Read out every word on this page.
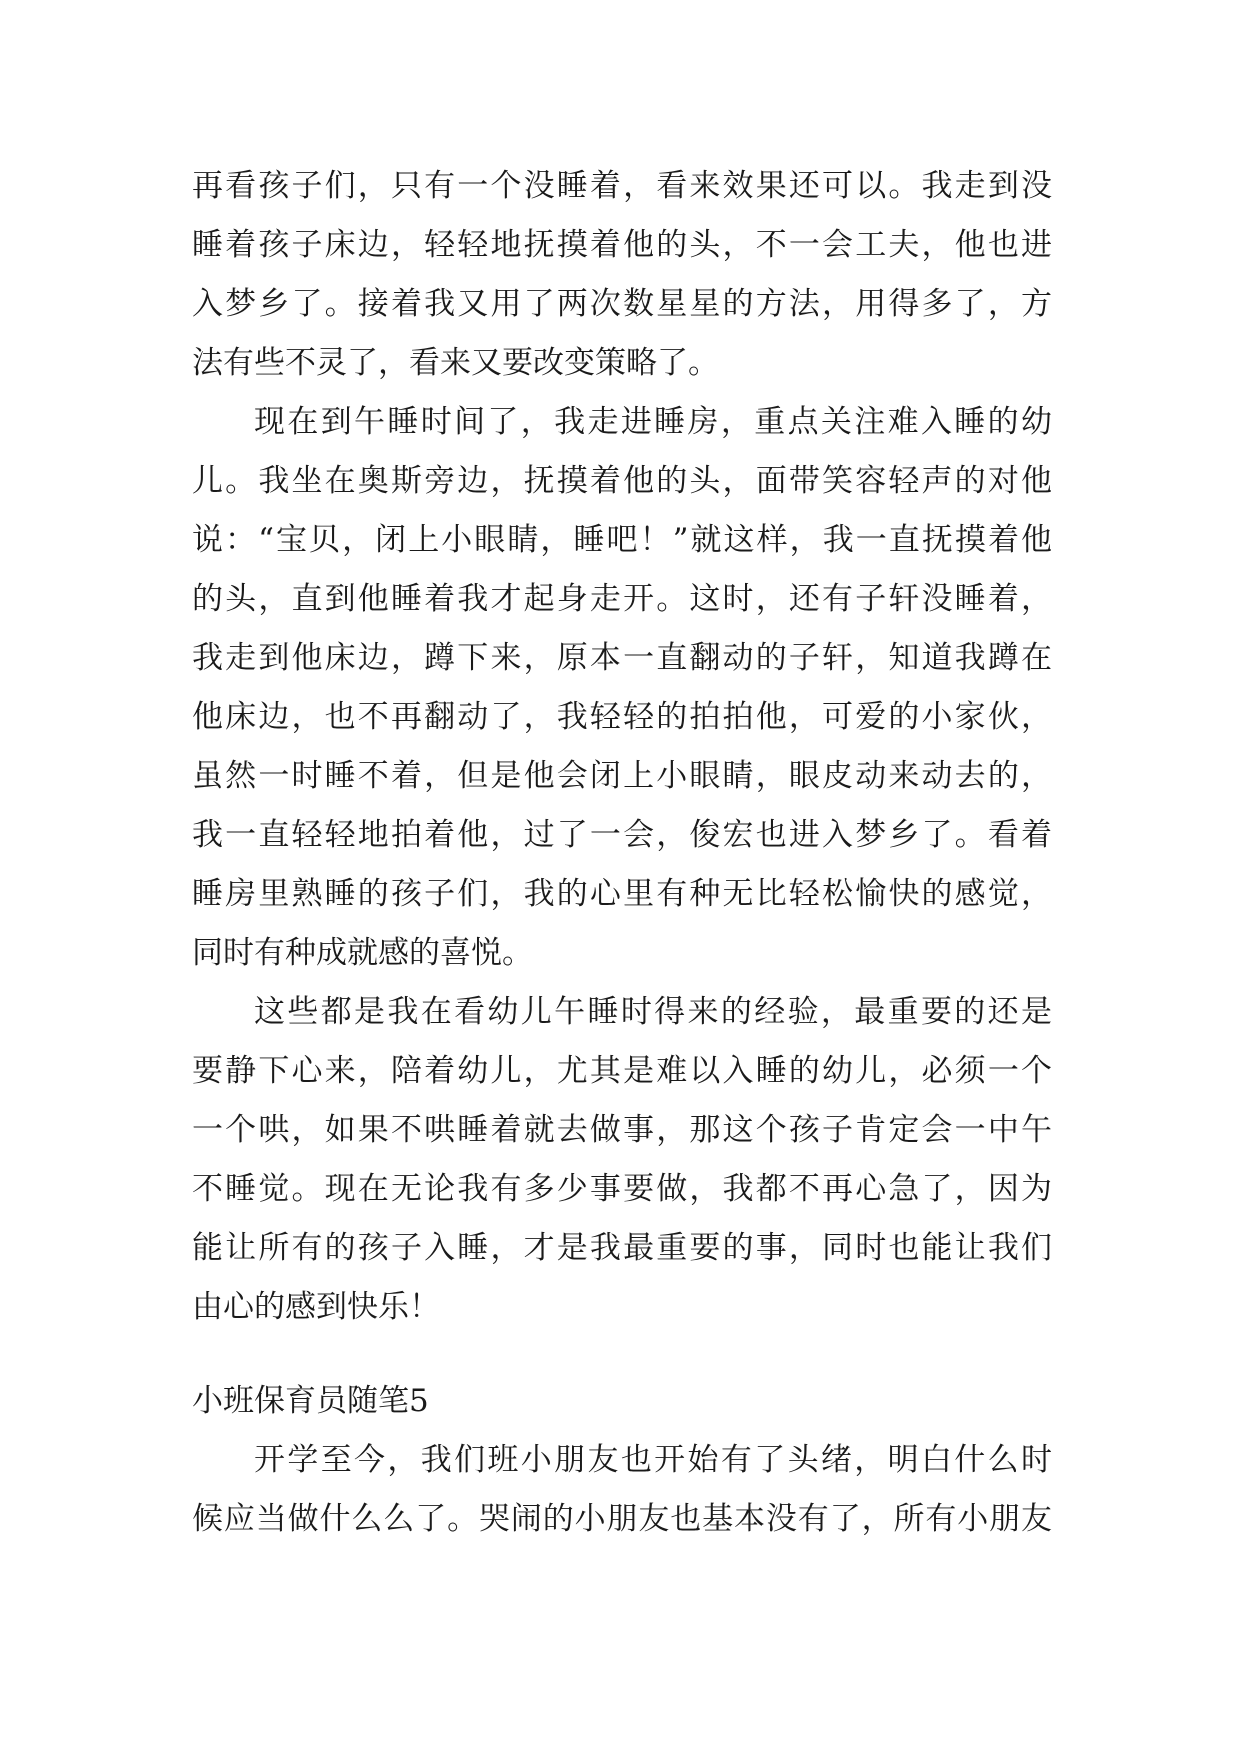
再看孩子们，只有一个没睡着，看来效果还可以。我走到没
睡着孩子床边，轻轻地抚摸着他的头，不一会工夫，他也进
入梦乡了。接着我又用了两次数星星的方法，用得多了，方
法有些不灵了，看来又要改变策略了。
现在到午睡时间了，我走进睡房，重点关注难入睡的幼
儿。我坐在奥斯旁边，抚摸着他的头，面带笑容轻声的对他
说：“宝贝，闭上小眼睛，睡吧！”就这样，我一直抚摸着他
的头，直到他睡着我才起身走开。这时，还有子轩没睡着，
我走到他床边，蹲下来，原本一直翻动的子轩，知道我蹲在
他床边，也不再翻动了，我轻轻的拍拍他，可爱的小家伙，
虽然一时睡不着，但是他会闭上小眼睛，眼皮动来动去的，
我一直轻轻地拍着他，过了一会，俊宏也进入梦乡了。看着
睡房里熟睡的孩子们，我的心里有种无比轻松愉快的感觉，
同时有种成就感的喜悦。
这些都是我在看幼儿午睡时得来的经验，最重要的还是
要静下心来，陪着幼儿，尤其是难以入睡的幼儿，必须一个
一个哄，如果不哄睡着就去做事，那这个孩子肯定会一中午
不睡觉。现在无论我有多少事要做，我都不再心急了，因为
能让所有的孩子入睡，才是我最重要的事，同时也能让我们
由心的感到快乐！
小班保育员随笔5
开学至今，我们班小朋友也开始有了头绪，明白什么时
候应当做什么么了。哭闹的小朋友也基本没有了，所有小朋友
